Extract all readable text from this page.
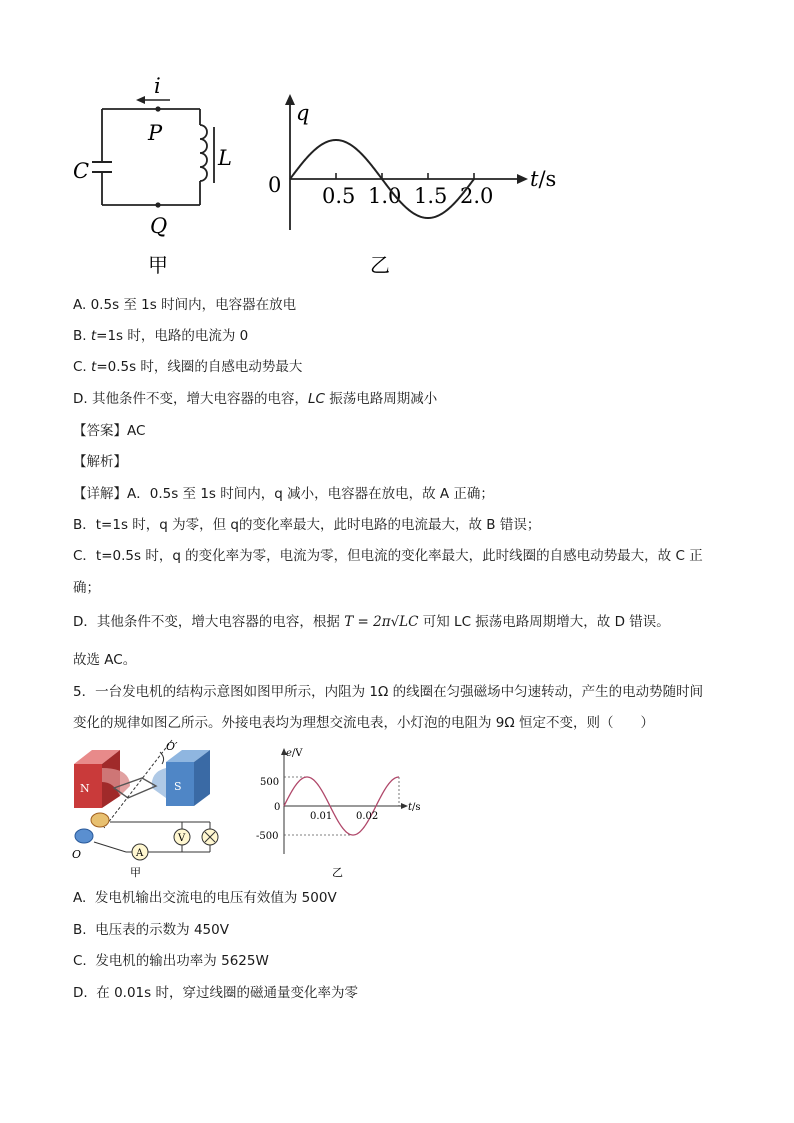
i
P
Q
C
L
甲
0.5 1.0 1.5 2.0
q
0	t/s
乙
A. 0.5s 至 1s 时间内，电容器在放电
B. t=1s 时，电路的电流为 0
C. t=0.5s 时，线圈的自感电动势最大
D. 其他条件不变，增大电容器的电容，LC 振荡电路周期减小
【答案】AC
【解析】
【详解】A．0.5s 至 1s 时间内，q 减小，电容器在放电，故 A 正确；
B．t=1s 时，q 为零，但 q的变化率最大，此时电路的电流最大，故 B 错误；
C．t=0.5s 时，q 的变化率为零，电流为零，但电流的变化率最大，此时线圈的自感电动势最大，故 C 正
确；
D．其他条件不变，增大电容器的电容，根据 T = 2π√LC 可知 LC 振荡电路周期增大，故 D 错误。
故选 AC。
5．一台发电机的结构示意图如图甲所示，内阻为 1Ω 的线圈在匀强磁场中匀速转动，产生的电动势随时间
变化的规律如图乙所示。外接电表均为理想交流电表，小灯泡的电阻为 9Ω 恒定不变，则（　　）
N	S
O′
O
V
A
甲
e/V
t/s
500
0
-500
0.01 0.02
乙
A. 发电机输出交流电的电压有效值为 500V
B. 电压表的示数为 450V
C. 发电机的输出功率为 5625W
D. 在 0.01s 时，穿过线圈的磁通量变化率为零
